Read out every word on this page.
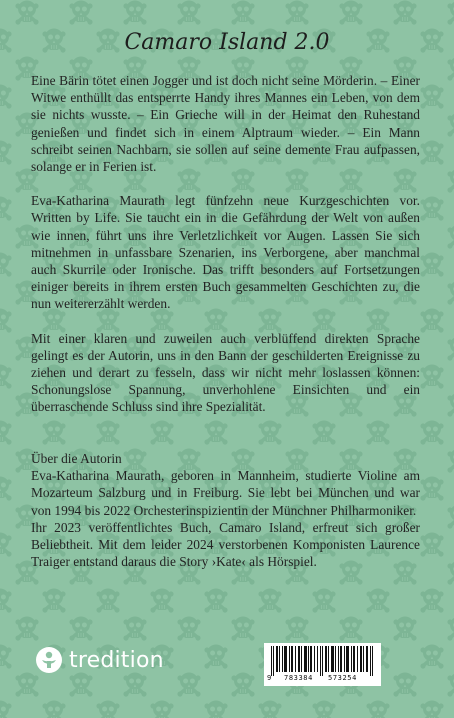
Camaro Island 2.0

Eine Bärin tötet einen Jogger und ist doch nicht seine Mörderin. – Einer Witwe enthüllt das entsperrte Handy ihres Mannes ein Leben, von dem sie nichts wusste. – Ein Grieche will in der Heimat den Ruhestand genießen und findet sich in einem Alptraum wieder. – Ein Mann schreibt seinen Nachbarn, sie sollen auf seine demente Frau aufpassen, solange er in Ferien ist.

Eva-Katharina Maurath legt fünfzehn neue Kurzgeschichten vor. Written by Life. Sie taucht ein in die Gefährdung der Welt von außen wie innen, führt uns ihre Verletzlichkeit vor Augen. Lassen Sie sich mitnehmen in unfassbare Szenarien, ins Verborgene, aber manchmal auch Skurrile oder Ironische. Das trifft besonders auf Fortsetzungen einiger bereits in ihrem ersten Buch gesammelten Geschichten zu, die nun weitererzählt werden.

Mit einer klaren und zuweilen auch verblüffend direkten Sprache gelingt es der Autorin, uns in den Bann der geschilderten Ereignisse zu ziehen und derart zu fesseln, dass wir nicht mehr loslassen können: Schonungslose Spannung, unverhohlene Einsichten und ein überraschende Schluss sind ihre Spezialität.

Über die Autorin

Eva-Katharina Maurath, geboren in Mannheim, studierte Violine am Mozarteum Salzburg und in Freiburg. Sie lebt bei München und war von 1994 bis 2022 Orchesterinspizientin der Münchner Philharmoniker.

Ihr 2023 veröffentlichtes Buch, Camaro Island, erfreut sich großer Beliebtheit. Mit dem leider 2024 verstorbenen Komponisten Laurence Traiger entstand daraus die Story ›Kate‹ als Hörspiel.

tredition
9 783384 573254
